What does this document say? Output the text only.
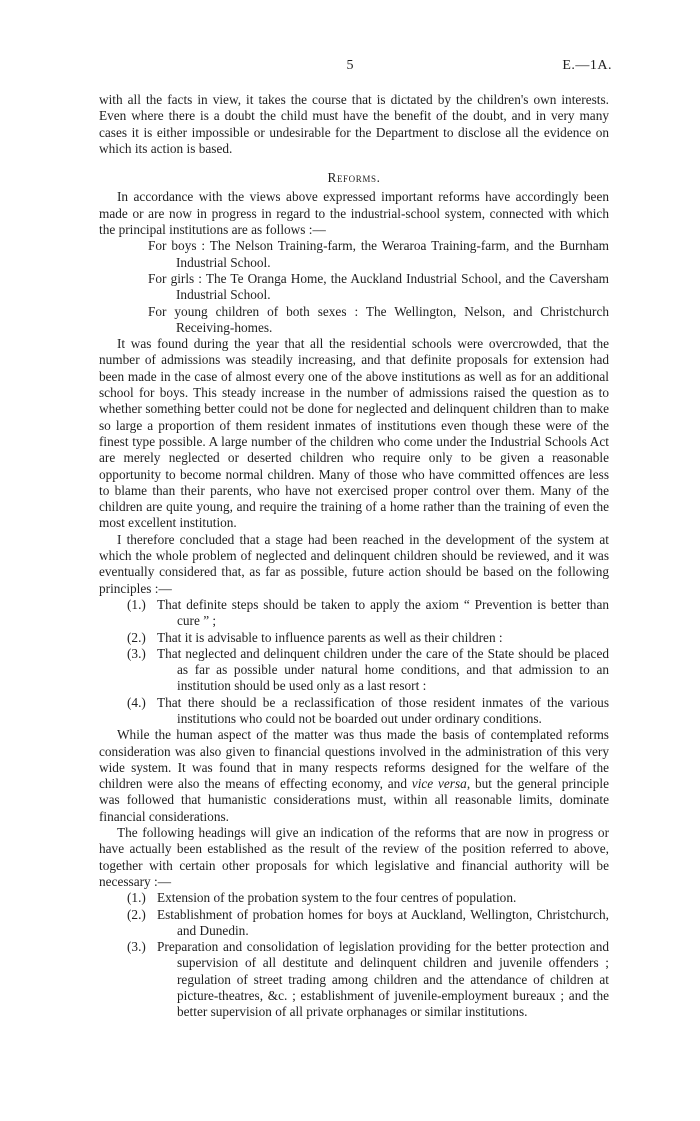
5	E.—1A.

with all the facts in view, it takes the course that is dictated by the children's own interests. Even where there is a doubt the child must have the benefit of the doubt, and in very many cases it is either impossible or undesirable for the Department to disclose all the evidence on which its action is based.

Reforms.

In accordance with the views above expressed important reforms have accordingly been made or are now in progress in regard to the industrial-school system, connected with which the principal institutions are as follows :—

For boys : The Nelson Training-farm, the Weraroa Training-farm, and the Burnham Industrial School.

For girls : The Te Oranga Home, the Auckland Industrial School, and the Caversham Industrial School.

For young children of both sexes : The Wellington, Nelson, and Christchurch Receiving-homes.

It was found during the year that all the residential schools were overcrowded, that the number of admissions was steadily increasing, and that definite proposals for extension had been made in the case of almost every one of the above institutions as well as for an additional school for boys. This steady increase in the number of admissions raised the question as to whether something better could not be done for neglected and delinquent children than to make so large a proportion of them resident inmates of institutions even though these were of the finest type possible. A large number of the children who come under the Industrial Schools Act are merely neglected or deserted children who require only to be given a reasonable opportunity to become normal children. Many of those who have committed offences are less to blame than their parents, who have not exercised proper control over them. Many of the children are quite young, and require the training of a home rather than the training of even the most excellent institution.

I therefore concluded that a stage had been reached in the development of the system at which the whole problem of neglected and delinquent children should be reviewed, and it was eventually considered that, as far as possible, future action should be based on the following principles :—

(1.) That definite steps should be taken to apply the axiom “ Prevention is better than cure ” ;
(2.) That it is advisable to influence parents as well as their children :
(3.) That neglected and delinquent children under the care of the State should be placed as far as possible under natural home conditions, and that admission to an institution should be used only as a last resort :
(4.) That there should be a reclassification of those resident inmates of the various institutions who could not be boarded out under ordinary conditions.

While the human aspect of the matter was thus made the basis of contemplated reforms consideration was also given to financial questions involved in the administration of this very wide system. It was found that in many respects reforms designed for the welfare of the children were also the means of effecting economy, and vice versa, but the general principle was followed that humanistic considerations must, within all reasonable limits, dominate financial considerations.

The following headings will give an indication of the reforms that are now in progress or have actually been established as the result of the review of the position referred to above, together with certain other proposals for which legislative and financial authority will be necessary :—

(1.) Extension of the probation system to the four centres of population.
(2.) Establishment of probation homes for boys at Auckland, Wellington, Christchurch, and Dunedin.
(3.) Preparation and consolidation of legislation providing for the better protection and supervision of all destitute and delinquent children and juvenile offenders ; regulation of street trading among children and the attendance of children at picture-theatres, &c. ; establishment of juvenile-employment bureaux ; and the better supervision of all private orphanages or similar institutions.
